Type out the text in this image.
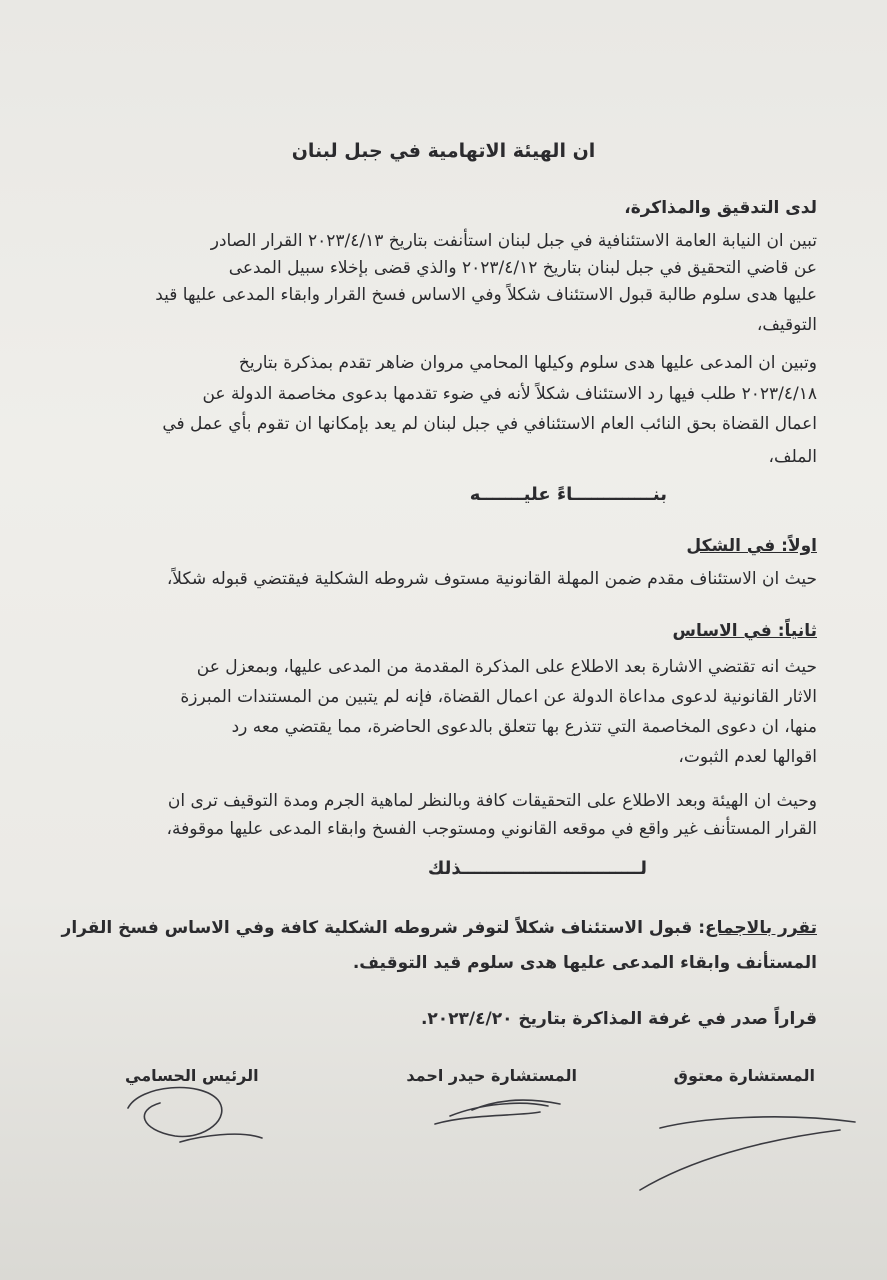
ان الهيئة الاتهامية في جبل لبنان
لدى التدقيق والمذاكرة،
تبين ان النيابة العامة الاستئنافية في جبل لبنان استأنفت بتاريخ ٢٠٢٣/٤/١٣ القرار الصادر
عن قاضي التحقيق في جبل لبنان بتاريخ ٢٠٢٣/٤/١٢ والذي قضى بإخلاء سبيل المدعى
عليها هدى سلوم طالبة قبول الاستئناف شكلاً وفي الاساس فسخ القرار وابقاء المدعى عليها قيد
التوقيف،
وتبين ان المدعى عليها هدى سلوم وكيلها المحامي مروان ضاهر تقدم بمذكرة بتاريخ
٢٠٢٣/٤/١٨ طلب فيها رد الاستئناف شكلاً لأنه في ضوء تقدمها بدعوى مخاصمة الدولة عن
اعمال القضاة بحق النائب العام الاستئنافي في جبل لبنان لم يعد بإمكانها ان تقوم بأي عمل في
الملف،
بنـــــــــــــاءً عليـــــــه
اولاً: في الشكل
حيث ان الاستئناف مقدم ضمن المهلة القانونية مستوف شروطه الشكلية فيقتضي قبوله شكلاً،
ثانياً: في الاساس
حيث انه تقتضي الاشارة بعد الاطلاع على المذكرة المقدمة من المدعى عليها، وبمعزل عن
الاثار القانونية لدعوى مداعاة الدولة عن اعمال القضاة، فإنه لم يتبين من المستندات المبرزة
منها، ان دعوى المخاصمة التي تتذرع بها تتعلق بالدعوى الحاضرة، مما يقتضي معه رد
اقوالها لعدم الثبوت،
وحيث ان الهيئة وبعد الاطلاع على التحقيقات كافة وبالنظر لماهية الجرم ومدة التوقيف ترى ان
القرار المستأنف غير واقع في موقعه القانوني ومستوجب الفسخ وابقاء المدعى عليها موقوفة،
لـــــــــــــــــــــــــــــذلك
تقرر بالاجماع: قبول الاستئناف شكلاً لتوفر شروطه الشكلية كافة وفي الاساس فسخ القرار
المستأنف وابقاء المدعى عليها هدى سلوم قيد التوقيف.
قراراً صدر في غرفة المذاكرة بتاريخ ٢٠٢٣/٤/٢٠.
المستشارة معتوق
المستشارة حيدر احمد
الرئيس الحسامي
